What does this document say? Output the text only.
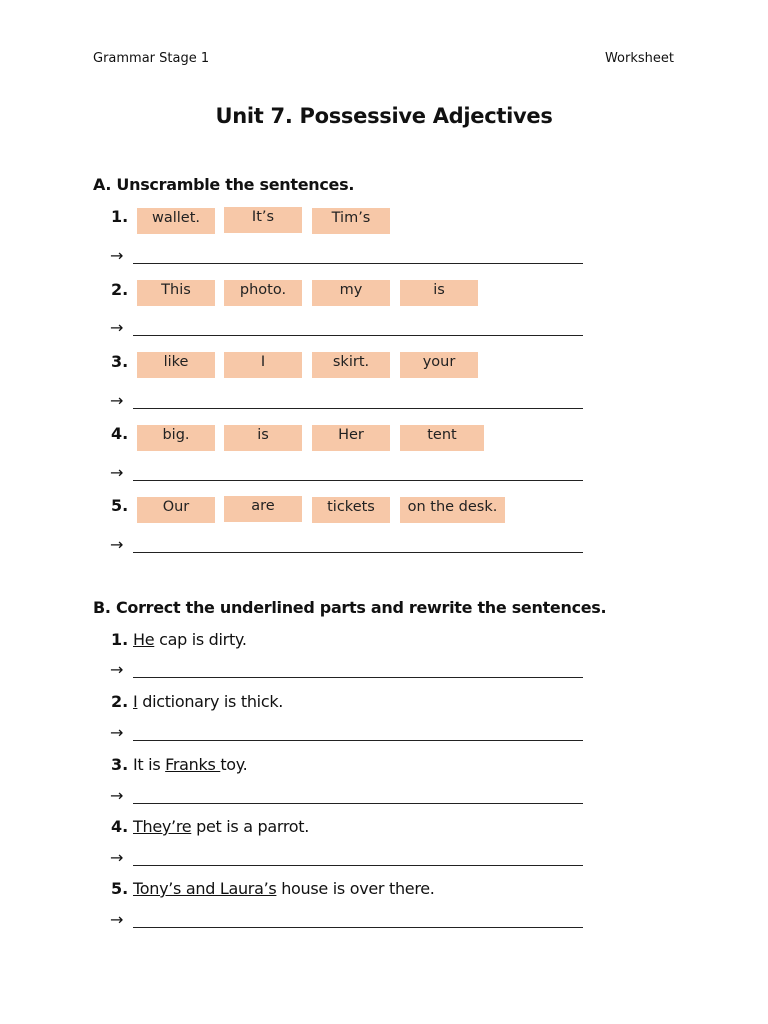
Grammar Stage 1	Worksheet
Unit 7. Possessive Adjectives
A. Unscramble the sentences.
1.	wallet.	It’s	Tim’s
→
2.	This	photo.	my	is
→
3.	like	I	skirt.	your
→
4.	big.	is	Her	tent
→
5.	Our	are	tickets	on the desk.
→
B. Correct the underlined parts and rewrite the sentences.
1. He cap is dirty.
→
2. I dictionary is thick.
→
3. It is Franks toy.
→
4. They’re pet is a parrot.
→
5. Tony’s and Laura’s house is over there.
→
